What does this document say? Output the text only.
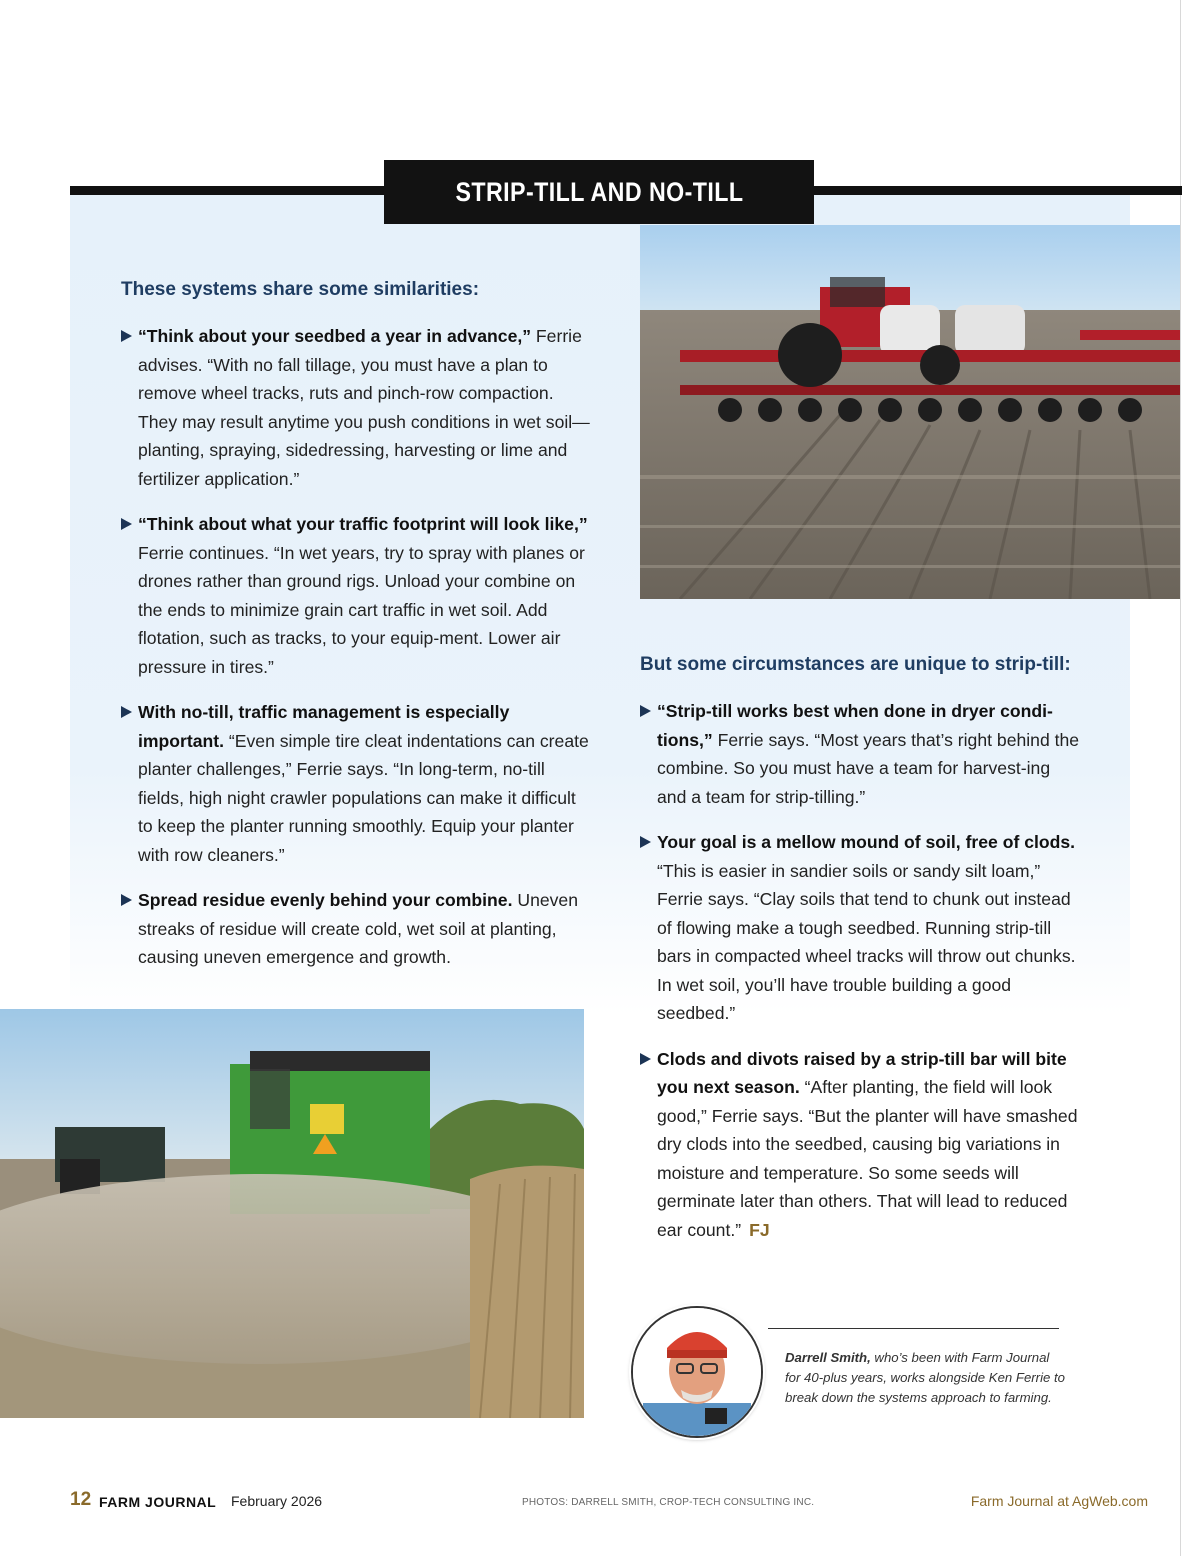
STRIP-TILL AND NO-TILL
These systems share some similarities:
“Think about your seedbed a year in advance,” Ferrie advises. “With no fall tillage, you must have a plan to remove wheel tracks, ruts and pinch-row compaction. They may result anytime you push conditions in wet soil—planting, spraying, sidedressing, harvesting or lime and fertilizer application.”
“Think about what your traffic footprint will look like,” Ferrie continues. “In wet years, try to spray with planes or drones rather than ground rigs. Unload your combine on the ends to minimize grain cart traffic in wet soil. Add flotation, such as tracks, to your equip-ment. Lower air pressure in tires.”
With no-till, traffic management is especially important. “Even simple tire cleat indentations can create planter challenges,” Ferrie says. “In long-term, no-till fields, high night crawler populations can make it difficult to keep the planter running smoothly. Equip your planter with row cleaners.”
Spread residue evenly behind your combine. Uneven streaks of residue will create cold, wet soil at planting, causing uneven emergence and growth.
But some circumstances are unique to strip-till:
“Strip-till works best when done in dryer condi-tions,” Ferrie says. “Most years that’s right behind the combine. So you must have a team for harvest-ing and a team for strip-tilling.”
Your goal is a mellow mound of soil, free of clods. “This is easier in sandier soils or sandy silt loam,” Ferrie says. “Clay soils that tend to chunk out instead of flowing make a tough seedbed. Running strip-till bars in compacted wheel tracks will throw out chunks. In wet soil, you’ll have trouble building a good seedbed.”
Clods and divots raised by a strip-till bar will bite you next season. “After planting, the field will look good,” Ferrie says. “But the planter will have smashed dry clods into the seedbed, causing big variations in moisture and temperature. So some seeds will germinate later than others. That will lead to reduced ear count.” FJ
Darrell Smith, who’s been with Farm Journal for 40-plus years, works alongside Ken Ferrie to break down the systems approach to farming.
12 FARM JOURNAL February 2026	PHOTOS: DARRELL SMITH, CROP-TECH CONSULTING INC.	Farm Journal at AgWeb.com
